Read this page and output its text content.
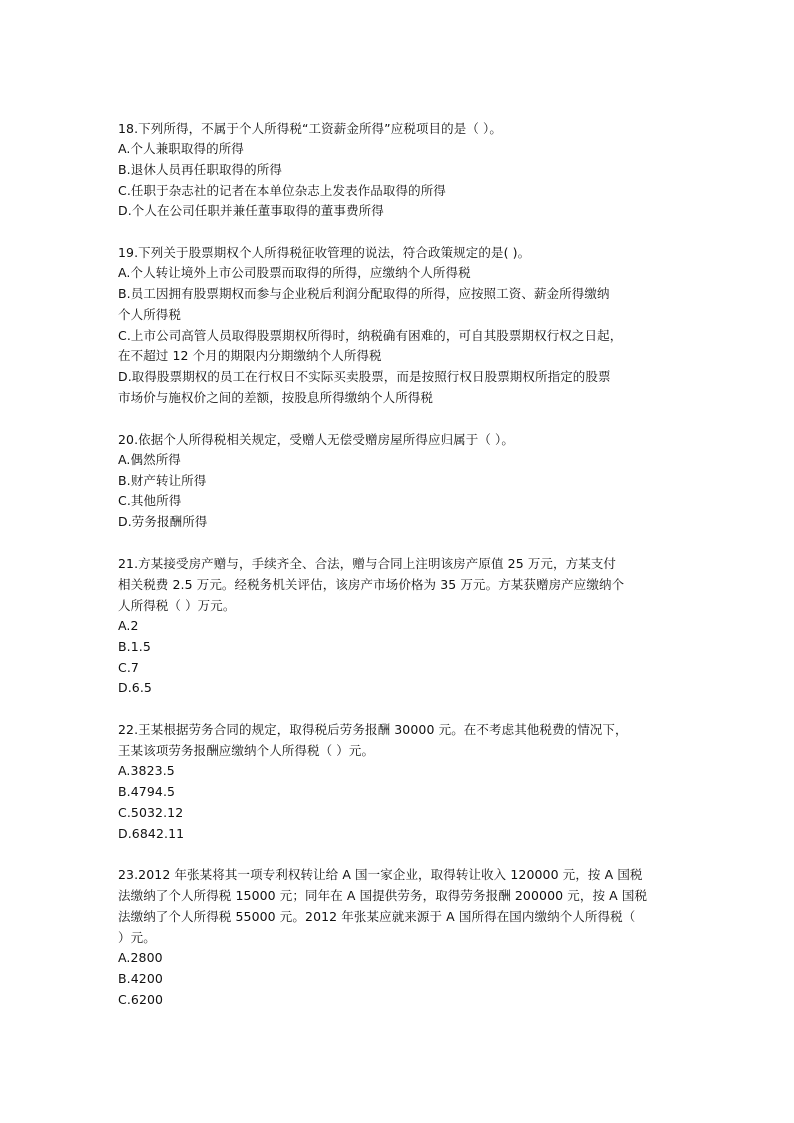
18.下列所得，不属于个人所得税“工资薪金所得”应税项目的是（ ）。
A.个人兼职取得的所得
B.退休人员再任职取得的所得
C.任职于杂志社的记者在本单位杂志上发表作品取得的所得
D.个人在公司任职并兼任董事取得的董事费所得
19.下列关于股票期权个人所得税征收管理的说法，符合政策规定的是( )。
A.个人转让境外上市公司股票而取得的所得，应缴纳个人所得税
B.员工因拥有股票期权而参与企业税后利润分配取得的所得，应按照工资、薪金所得缴纳
个人所得税
C.上市公司高管人员取得股票期权所得时，纳税确有困难的，可自其股票期权行权之日起，
在不超过 12 个月的期限内分期缴纳个人所得税
D.取得股票期权的员工在行权日不实际买卖股票，而是按照行权日股票期权所指定的股票
市场价与施权价之间的差额，按股息所得缴纳个人所得税
20.依据个人所得税相关规定，受赠人无偿受赠房屋所得应归属于（ ）。
A.偶然所得
B.财产转让所得
C.其他所得
D.劳务报酬所得
21.方某接受房产赠与，手续齐全、合法，赠与合同上注明该房产原值 25 万元，方某支付
相关税费 2.5 万元。经税务机关评估，该房产市场价格为 35 万元。方某获赠房产应缴纳个
人所得税（ ）万元。
A.2
B.1.5
C.7
D.6.5
22.王某根据劳务合同的规定，取得税后劳务报酬 30000 元。在不考虑其他税费的情况下，
王某该项劳务报酬应缴纳个人所得税（ ）元。
A.3823.5
B.4794.5
C.5032.12
D.6842.11
23.2012 年张某将其一项专利权转让给 A 国一家企业，取得转让收入 120000 元，按 A 国税
法缴纳了个人所得税 15000 元；同年在 A 国提供劳务，取得劳务报酬 200000 元，按 A 国税
法缴纳了个人所得税 55000 元。2012 年张某应就来源于 A 国所得在国内缴纳个人所得税（
）元。
A.2800
B.4200
C.6200
